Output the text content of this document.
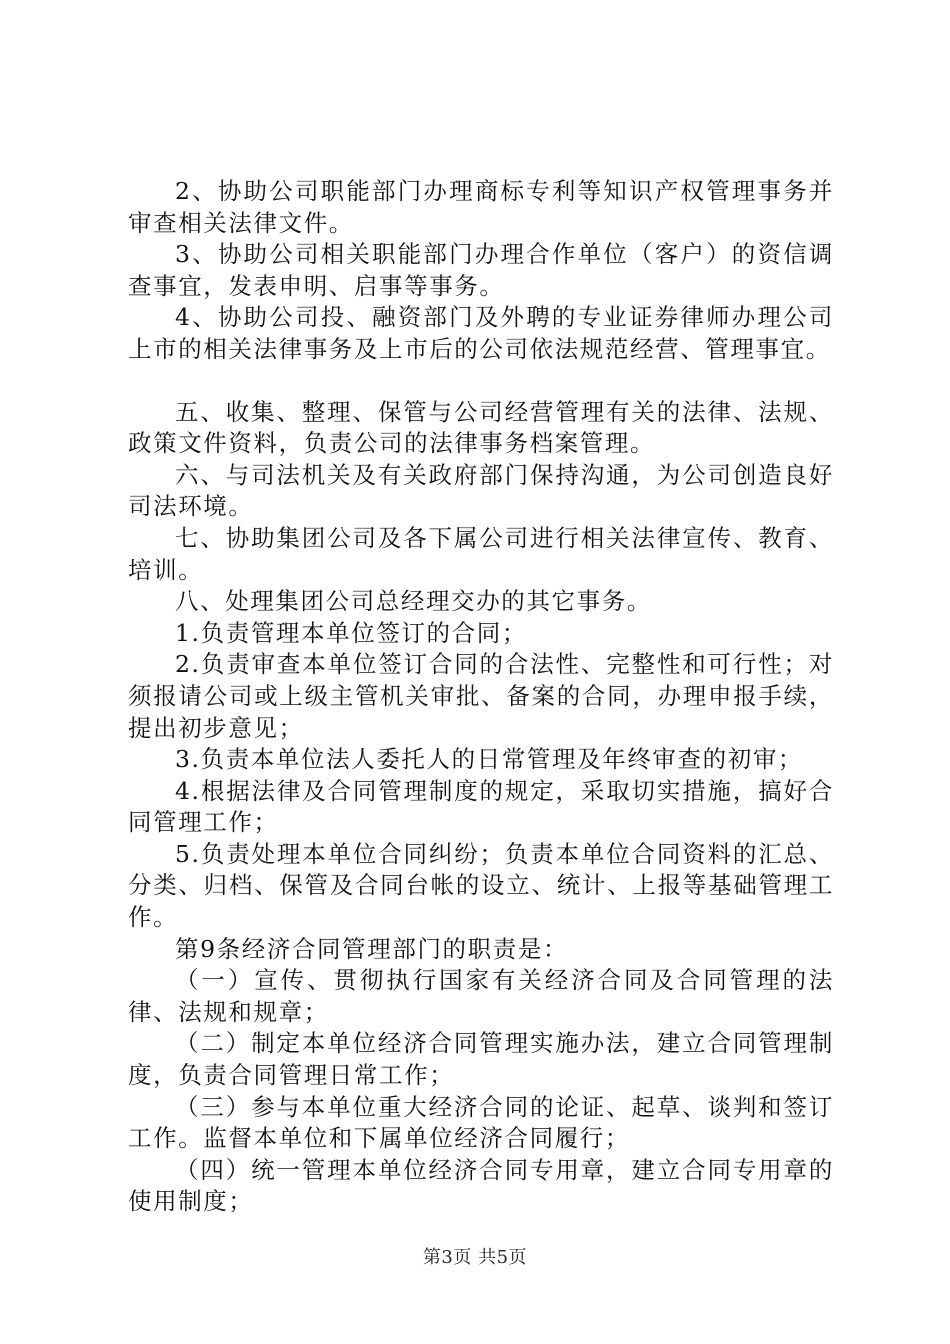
2、协助公司职能部门办理商标专利等知识产权管理事务并审查相关法律文件。

3、协助公司相关职能部门办理合作单位（客户）的资信调查事宜，发表申明、启事等事务。

4、协助公司投、融资部门及外聘的专业证券律师办理公司上市的相关法律事务及上市后的公司依法规范经营、管理事宜。

五、收集、整理、保管与公司经营管理有关的法律、法规、政策文件资料，负责公司的法律事务档案管理。

六、与司法机关及有关政府部门保持沟通，为公司创造良好司法环境。

七、协助集团公司及各下属公司进行相关法律宣传、教育、培训。

八、处理集团公司总经理交办的其它事务。

1.负责管理本单位签订的合同；

2.负责审查本单位签订合同的合法性、完整性和可行性；对须报请公司或上级主管机关审批、备案的合同，办理申报手续，提出初步意见；

3.负责本单位法人委托人的日常管理及年终审查的初审；

4.根据法律及合同管理制度的规定，采取切实措施，搞好合同管理工作；

5.负责处理本单位合同纠纷；负责本单位合同资料的汇总、分类、归档、保管及合同台帐的设立、统计、上报等基础管理工作。

第9条经济合同管理部门的职责是：

（一）宣传、贯彻执行国家有关经济合同及合同管理的法律、法规和规章；

（二）制定本单位经济合同管理实施办法，建立合同管理制度，负责合同管理日常工作；

（三）参与本单位重大经济合同的论证、起草、谈判和签订工作。监督本单位和下属单位经济合同履行；

（四）统一管理本单位经济合同专用章，建立合同专用章的使用制度；

第3页 共5页
